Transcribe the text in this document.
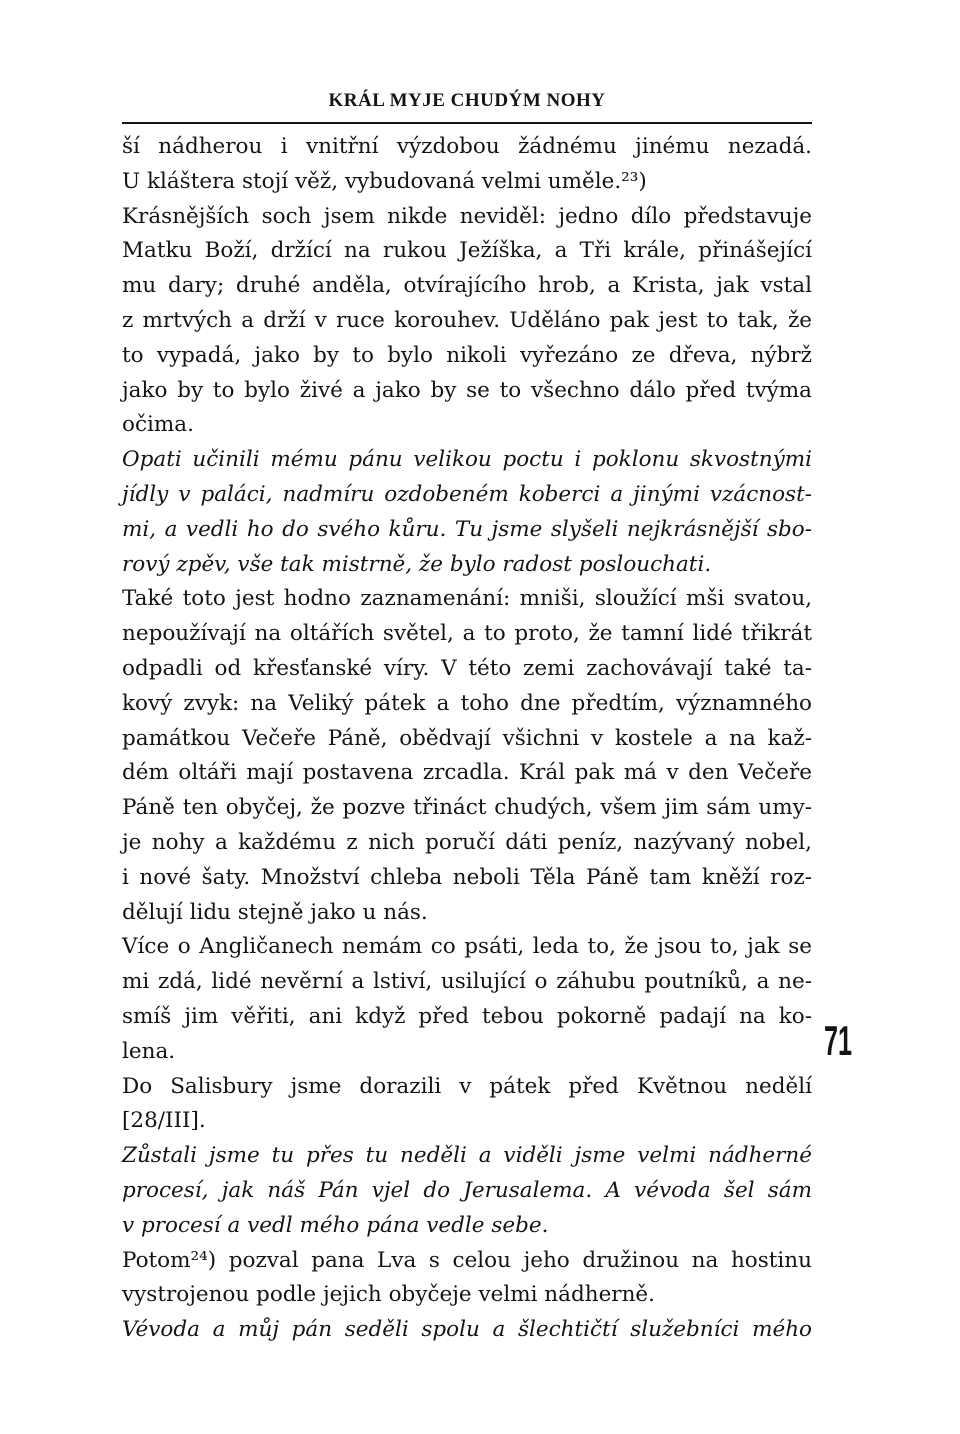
KRÁL MYJE CHUDÝM NOHY
ší nádherou i vnitřní výzdobou žádnému jinému nezadá.
U kláštera stojí věž, vybudovaná velmi uměle.²³)
Krásnějších soch jsem nikde neviděl: jedno dílo představuje
Matku Boží, držící na rukou Ježíška, a Tři krále, přinášející
mu dary; druhé anděla, otvírajícího hrob, a Krista, jak vstal
z mrtvých a drží v ruce korouhev. Uděláno pak jest to tak, že
to vypadá, jako by to bylo nikoli vyřezáno ze dřeva, nýbrž
jako by to bylo živé a jako by se to všechno dálo před tvýma
očima.
Opati učinili mému pánu velikou poctu i poklonu skvostnými
jídly v paláci, nadmíru ozdobeném koberci a jinými vzácnost-
mi, a vedli ho do svého kůru. Tu jsme slyšeli nejkrásnější sbo-
rový zpěv, vše tak mistrně, že bylo radost poslouchati.
Také toto jest hodno zaznamenání: mniši, sloužící mši svatou,
nepoužívají na oltářích světel, a to proto, že tamní lidé třikrát
odpadli od křesťanské víry. V této zemi zachovávají také ta-
kový zvyk: na Veliký pátek a toho dne předtím, významného
památkou Večeře Páně, obědvají všichni v kostele a na kaž-
dém oltáři mají postavena zrcadla. Král pak má v den Večeře
Páně ten obyčej, že pozve třináct chudých, všem jim sám umy-
je nohy a každému z nich poručí dáti peníz, nazývaný nobel,
i nové šaty. Množství chleba neboli Těla Páně tam kněží roz-
dělují lidu stejně jako u nás.
Více o Angličanech nemám co psáti, leda to, že jsou to, jak se
mi zdá, lidé nevěrní a lstiví, usilující o záhubu poutníků, a ne-
smíš jim věřiti, ani když před tebou pokorně padají na ko-
lena.
Do Salisbury jsme dorazili v pátek před Květnou nedělí
[28/III].
Zůstali jsme tu přes tu neděli a viděli jsme velmi nádherné
procesí, jak náš Pán vjel do Jerusalema. A vévoda šel sám
v procesí a vedl mého pána vedle sebe.
Potom²⁴) pozval pana Lva s celou jeho družinou na hostinu
vystrojenou podle jejich obyčeje velmi nádherně.
Vévoda a můj pán seděli spolu a šlechtičtí služebníci mého
71
